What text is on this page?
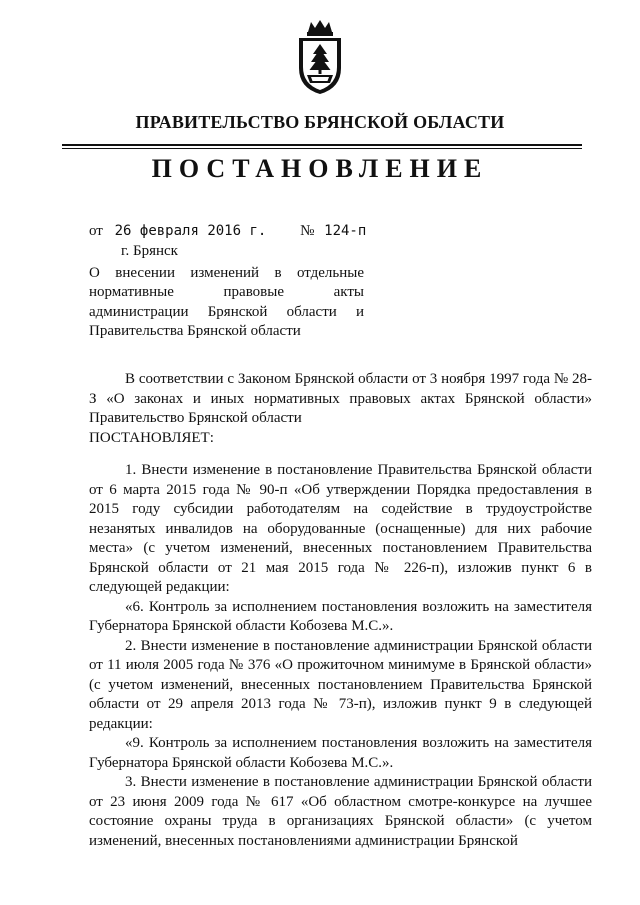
ПРАВИТЕЛЬСТВО БРЯНСКОЙ ОБЛАСТИ
ПОСТАНОВЛЕНИЕ
от 26 февраля 2016 г. № 124-п
г. Брянск
О внесении изменений в отдельные нормативные правовые акты администрации Брянской области и Правительства Брянской области

В соответствии с Законом Брянской области от 3 ноября 1997 года № 28-З «О законах и иных нормативных правовых актах Брянской области» Правительство Брянской области

ПОСТАНОВЛЯЕТ:

1. Внести изменение в постановление Правительства Брянской области от 6 марта 2015 года № 90-п «Об утверждении Порядка предоставления в 2015 году субсидии работодателям на содействие в трудоустройстве незанятых инвалидов на оборудованные (оснащенные) для них рабочие места» (с учетом изменений, внесенных постановлением Правительства Брянской области от 21 мая 2015 года № 226-п), изложив пункт 6 в следующей редакции:

«6. Контроль за исполнением постановления возложить на заместителя Губернатора Брянской области Кобозева М.С.».

2. Внести изменение в постановление администрации Брянской области от 11 июля 2005 года № 376 «О прожиточном минимуме в Брянской области» (с учетом изменений, внесенных постановлением Правительства Брянской области от 29 апреля 2013 года № 73-п), изложив пункт 9 в следующей редакции:

«9. Контроль за исполнением постановления возложить на заместителя Губернатора Брянской области Кобозева М.С.».

3. Внести изменение в постановление администрации Брянской области от 23 июня 2009 года № 617 «Об областном смотре-конкурсе на лучшее состояние охраны труда в организациях Брянской области» (с учетом изменений, внесенных постановлениями администрации Брянской
